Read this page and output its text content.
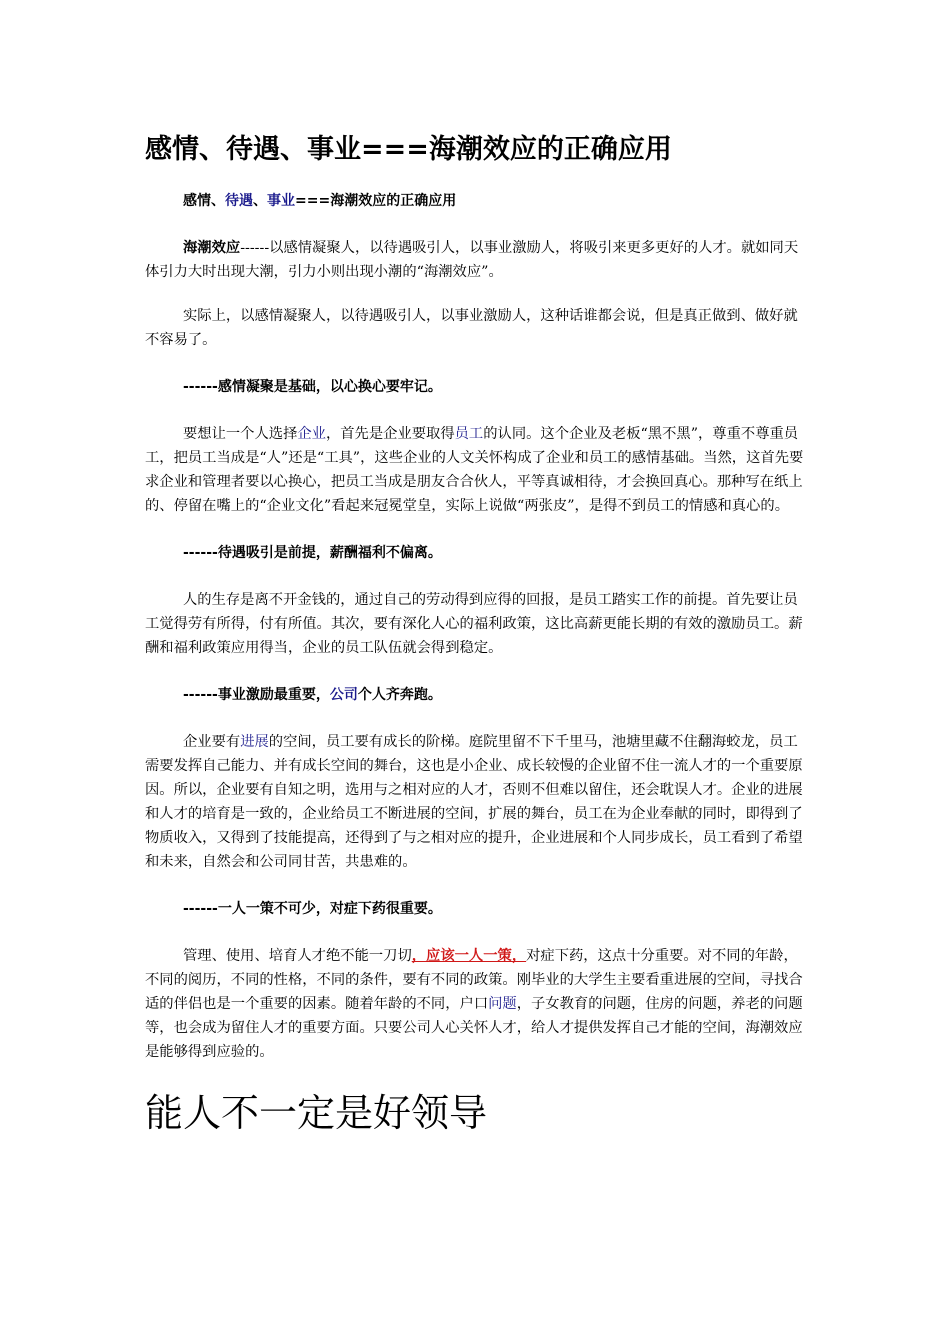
感情、待遇、事业===海潮效应的正确应用
感情、待遇、事业===海潮效应的正确应用

海潮效应------以感情凝聚人，以待遇吸引人，以事业激励人，将吸引来更多更好的人才。就如同天体引力大时出现大潮，引力小则出现小潮的“海潮效应”。

实际上，以感情凝聚人，以待遇吸引人，以事业激励人，这种话谁都会说，但是真正做到、做好就不容易了。

------感情凝聚是基础，以心换心要牢记。

要想让一个人选择企业，首先是企业要取得员工的认同。这个企业及老板“黑不黑”，尊重不尊重员工，把员工当成是“人”还是“工具”，这些企业的人文关怀构成了企业和员工的感情基础。当然，这首先要求企业和管理者要以心换心，把员工当成是朋友合合伙人，平等真诚相待，才会换回真心。那种写在纸上的、停留在嘴上的“企业文化”看起来冠冕堂皇，实际上说做“两张皮”，是得不到员工的情感和真心的。

------待遇吸引是前提，薪酬福利不偏离。

人的生存是离不开金钱的，通过自己的劳动得到应得的回报，是员工踏实工作的前提。首先要让员工觉得劳有所得，付有所值。其次，要有深化人心的福利政策，这比高薪更能长期的有效的激励员工。薪酬和福利政策应用得当，企业的员工队伍就会得到稳定。

------事业激励最重要，公司个人齐奔跑。

企业要有进展的空间，员工要有成长的阶梯。庭院里留不下千里马，池塘里藏不住翻海蛟龙，员工需要发挥自己能力、并有成长空间的舞台，这也是小企业、成长较慢的企业留不住一流人才的一个重要原因。所以，企业要有自知之明，选用与之相对应的人才，否则不但难以留住，还会耽误人才。企业的进展和人才的培育是一致的，企业给员工不断进展的空间，扩展的舞台，员工在为企业奉献的同时，即得到了物质收入，又得到了技能提高，还得到了与之相对应的提升，企业进展和个人同步成长，员工看到了希望和未来，自然会和公司同甘苦，共患难的。

------一人一策不可少，对症下药很重要。

管理、使用、培育人才绝不能一刀切，应该一人一策，对症下药，这点十分重要。对不同的年龄，不同的阅历，不同的性格，不同的条件，要有不同的政策。刚毕业的大学生主要看重进展的空间，寻找合适的伴侣也是一个重要的因素。随着年龄的不同，户口问题，子女教育的问题，住房的问题，养老的问题等，也会成为留住人才的重要方面。只要公司人心关怀人才，给人才提供发挥自己才能的空间，海潮效应是能够得到应验的。

能人不一定是好领导
